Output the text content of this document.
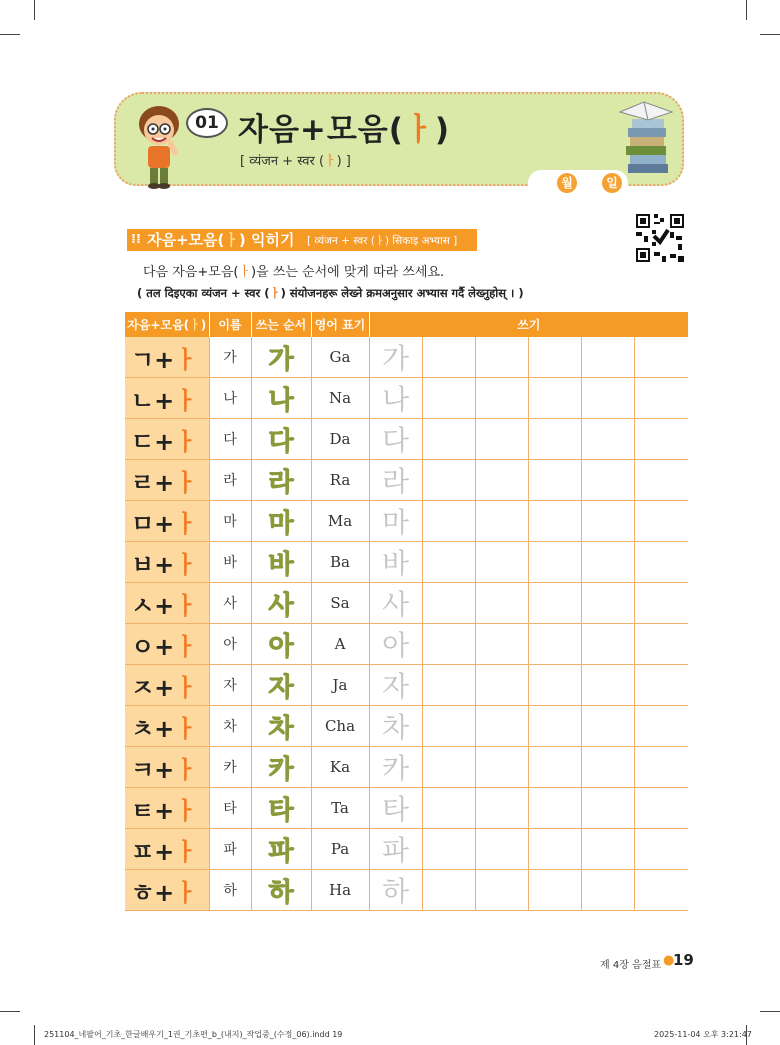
01 자음+모음(ㅏ)
[ व्यंजन + स्वर (ㅏ) ]
월	일
⁞⁞ 자음+모음(ㅏ) 익히기 [ व्यंजन + स्वर (ㅏ) सिकाइ अभ्यास ]
다음 자음+모음(ㅏ)을 쓰는 순서에 맞게 따라 쓰세요.
( तल दिइएका व्यंजन + स्वर (ㅏ) संयोजनहरू लेख्ने क्रमअनुसार अभ्यास गर्दै लेख्नुहोस् । )
자음+모음(ㅏ)	이름	쓰는 순서	영어 표기	쓰기					
ㄱ+ㅏ	가	가	Ga	가					
ㄴ+ㅏ	나	나	Na	나					
ㄷ+ㅏ	다	다	Da	다					
ㄹ+ㅏ	라	라	Ra	라					
ㅁ+ㅏ	마	마	Ma	마					
ㅂ+ㅏ	바	바	Ba	바					
ㅅ+ㅏ	사	사	Sa	사					
ㅇ+ㅏ	아	아	A	아					
ㅈ+ㅏ	자	자	Ja	자					
ㅊ+ㅏ	차	차	Cha	차					
ㅋ+ㅏ	카	카	Ka	카					
ㅌ+ㅏ	타	타	Ta	타					
ㅍ+ㅏ	파	파	Pa	파					
ㅎ+ㅏ	하	하	Ha	하					
제 4장 음절표 ●
19
251104_네팔어_기초_한글배우기_1권_기초편_b_(내지)_작업중_(수정_06).indd 19	2025-11-04 오후 3:21:47
